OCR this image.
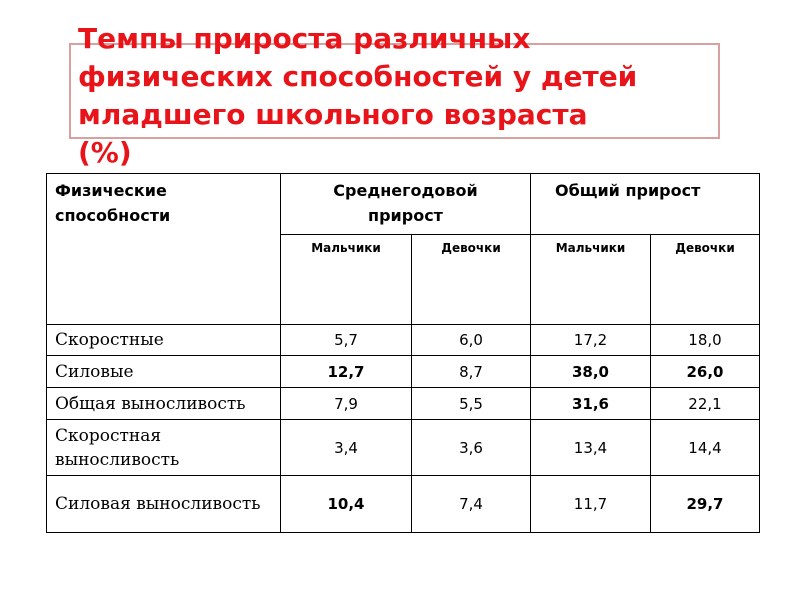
Темпы прироста различных
физических способностей у детей
младшего школьного возраста
(%)
Физические способности	Среднегодовой прирост		Общий прирост	
	Мальчики	Девочки	Мальчики	Девочки
Скоростные	5,7	6,0	17,2	18,0
Силовые	12,7	8,7	38,0	26,0
Общая выносливость	7,9	5,5	31,6	22,1
Скоростная выносливость	3,4	3,6	13,4	14,4
Силовая выносливость	10,4	7,4	11,7	29,7
